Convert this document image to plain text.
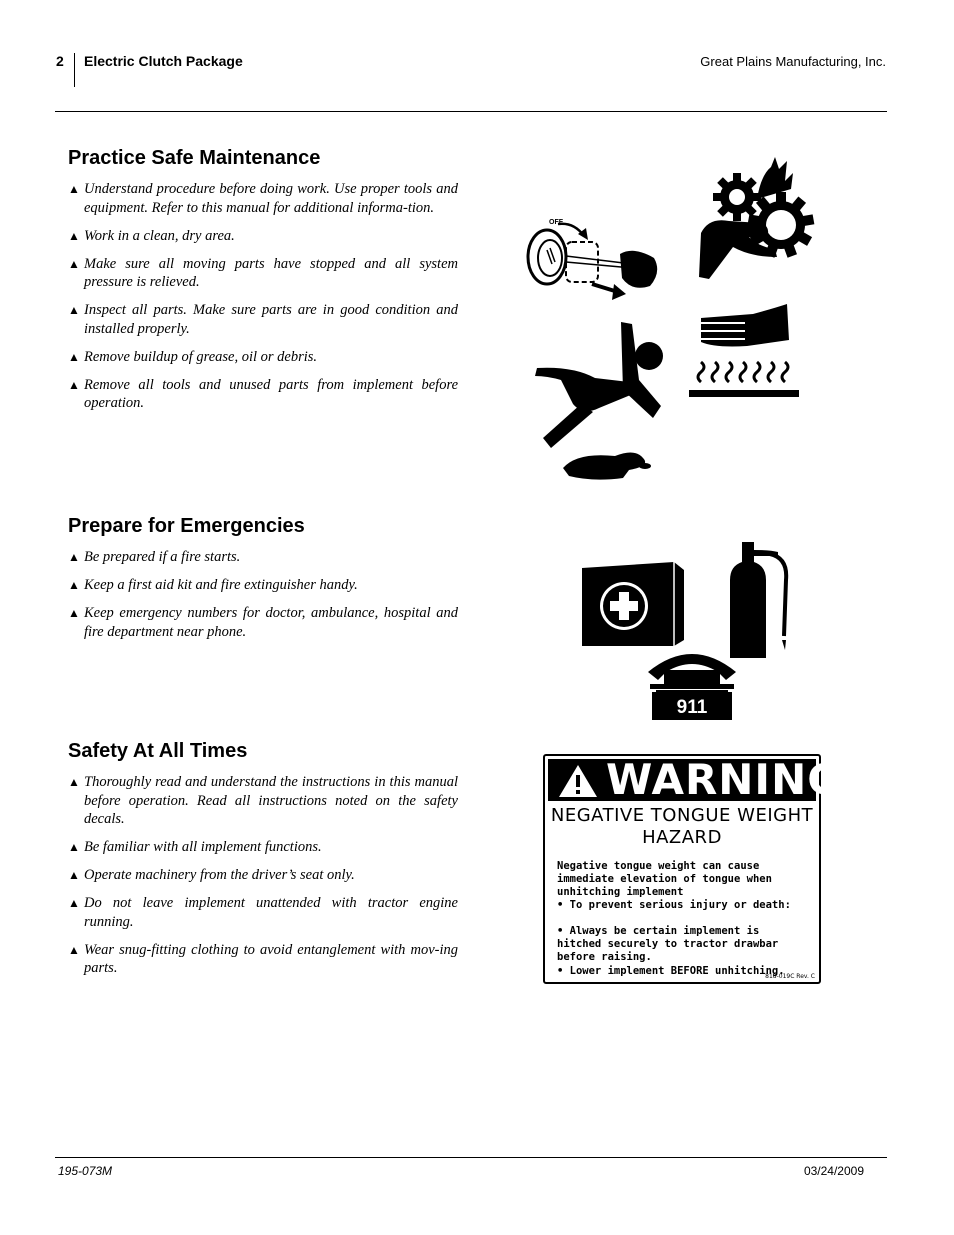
2 Electric Clutch Package	Great Plains Manufacturing, Inc.
Practice Safe Maintenance
▲ Understand procedure before doing work. Use proper tools and equipment. Refer to this manual for additional informa-tion.
▲ Work in a clean, dry area.
▲ Make sure all moving parts have stopped and all system pressure is relieved.
▲ Inspect all parts. Make sure parts are in good condition and installed properly.
▲ Remove buildup of grease, oil or debris.
▲ Remove all tools and unused parts from implement before operation.
Prepare for Emergencies
▲ Be prepared if a fire starts.
▲ Keep a first aid kit and fire extinguisher handy.
▲ Keep emergency numbers for doctor, ambulance, hospital and fire department near phone.
Safety At All Times
▲ Thoroughly read and understand the instructions in this manual before operation. Read all instructions noted on the safety decals.
▲ Be familiar with all implement functions.
▲ Operate machinery from the driver’s seat only.
▲ Do not leave implement unattended with tractor engine running.
▲ Wear snug-fitting clothing to avoid entanglement with mov-ing parts.
OFF
911
WARNING
NEGATIVE TONGUE WEIGHT
HAZARD
Negative tongue weight can cause immediate elevation of tongue when unhitching implement
• To prevent serious injury or death:
• Always be certain implement is hitched securely to tractor drawbar before raising.
• Lower implement BEFORE unhitching.
818-019C Rev. C
195-073M	03/24/2009
